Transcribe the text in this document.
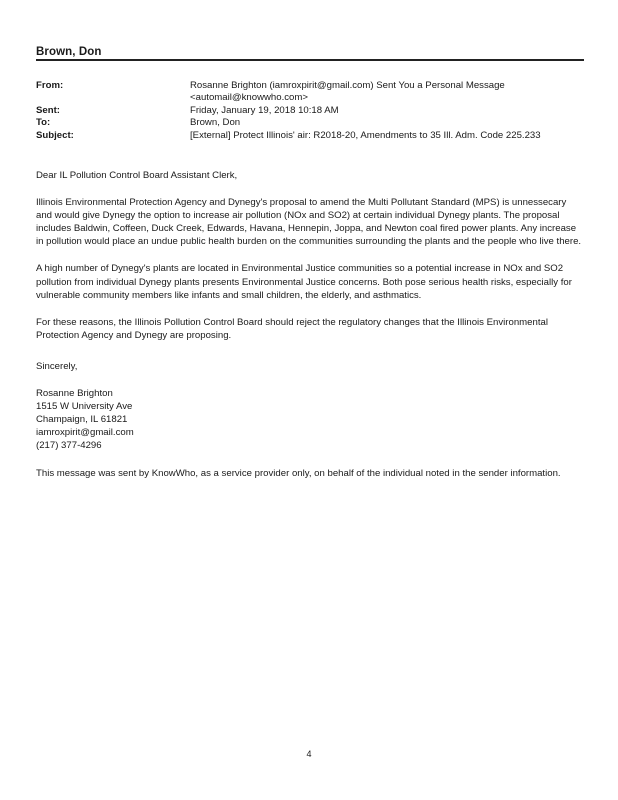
Brown, Don
From:	Rosanne Brighton (iamroxpirit@gmail.com) Sent You a Personal Message
<automail@knowwho.com>
Sent:	Friday, January 19, 2018 10:18 AM
To:	Brown, Don
Subject:	[External] Protect Illinois' air: R2018-20, Amendments to 35 Ill. Adm. Code 225.233

Dear IL Pollution Control Board Assistant Clerk,

Illinois Environmental Protection Agency and Dynegy's proposal to amend the Multi Pollutant Standard (MPS) is unnessecary and would give Dynegy the option to increase air pollution (NOx and SO2) at certain individual Dynegy plants. The proposal includes Baldwin, Coffeen, Duck Creek, Edwards, Havana, Hennepin, Joppa, and Newton coal fired power plants. Any increase in pollution would place an undue public health burden on the communities surrounding the plants and the people who live there.

A high number of Dynegy's plants are located in Environmental Justice communities so a potential increase in NOx and SO2 pollution from individual Dynegy plants presents Environmental Justice concerns. Both pose serious health risks, especially for vulnerable community members like infants and small children, the elderly, and asthmatics.

For these reasons, the Illinois Pollution Control Board should reject the regulatory changes that the Illinois Environmental Protection Agency and Dynegy are proposing.

Sincerely,

Rosanne Brighton
1515 W University Ave
Champaign, IL 61821
iamroxpirit@gmail.com
(217) 377-4296

This message was sent by KnowWho, as a service provider only, on behalf of the individual noted in the sender information.

4
